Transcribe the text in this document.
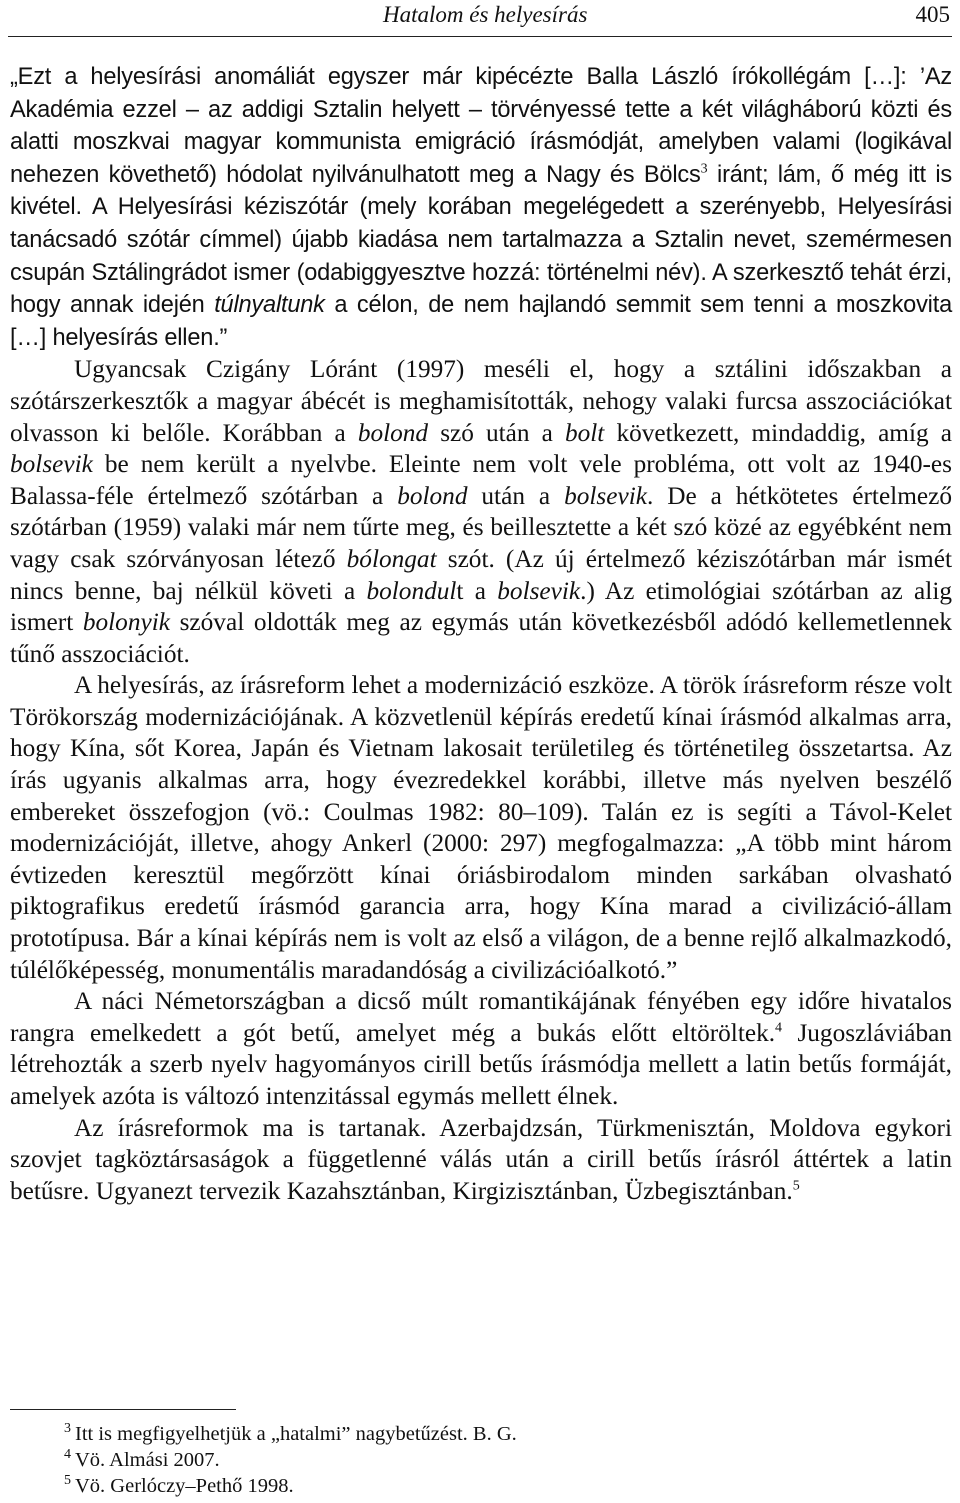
Hatalom és helyesírás	405

„Ezt a helyesírási anomáliát egyszer már kipécézte Balla László írókollégám […]: ’Az Akadémia ezzel – az addigi Sztalin helyett – törvényessé tette a két világháború közti és alatti moszkvai magyar kommunista emigráció írásmódját, amelyben valami (logikával nehezen követhető) hódolat nyilvánulhatott meg a Nagy és Bölcs$^3$ iránt; lám, ő még itt is kivétel. A Helyesírási kéziszótár (mely korában megelégedett a szerényebb, Helyesírási tanácsadó szótár címmel) újabb kiadása nem tartalmazza a Sztalin nevet, szemérmesen csupán Sztálingrádot ismer (odabiggyesztve hozzá: történelmi név). A szerkesztő tehát érzi, hogy annak idején túlnyaltunk a célon, de nem hajlandó semmit sem tenni a moszkovita […] helyesírás ellen.”

Ugyancsak Czigány Lóránt (1997) meséli el, hogy a sztálini időszakban a szótárszerkesztők a magyar ábécét is meghamisították, nehogy valaki furcsa asszociációkat olvasson ki belőle. Korábban a bolond szó után a bolt következett, mindaddig, amíg a bolsevik be nem került a nyelvbe. Eleinte nem volt vele probléma, ott volt az 1940-es Balassa-féle értelmező szótárban a bolond után a bolsevik. De a hétkötetes értelmező szótárban (1959) valaki már nem tűrte meg, és beillesztette a két szó közé az egyébként nem vagy csak szórványosan létező bólongat szót. (Az új értelmező kéziszótárban már ismét nincs benne, baj nélkül követi a bolondult a bolsevik.) Az etimológiai szótárban az alig ismert bolonyik szóval oldották meg az egymás után következésből adódó kellemetlennek tűnő asszociációt.

A helyesírás, az írásreform lehet a modernizáció eszköze. A török írásreform része volt Törökország modernizációjának. A közvetlenül képírás eredetű kínai írásmód alkalmas arra, hogy Kína, sőt Korea, Japán és Vietnam lakosait területileg és történetileg összetartsa. Az írás ugyanis alkalmas arra, hogy évezredekkel korábbi, illetve más nyelven beszélő embereket összefogjon (vö.: Coulmas 1982: 80–109). Talán ez is segíti a Távol-Kelet modernizációját, illetve, ahogy Ankerl (2000: 297) megfogalmazza: „A több mint három évtizeden keresztül megőrzött kínai óriásbirodalom minden sarkában olvasható piktografikus eredetű írásmód garancia arra, hogy Kína marad a civilizáció-állam prototípusa. Bár a kínai képírás nem is volt az első a világon, de a benne rejlő alkalmazkodó, túlélőképesség, monumentális maradandóság a civilizációalkotó.”

A náci Németországban a dicső múlt romantikájának fényében egy időre hivatalos rangra emelkedett a gót betű, amelyet még a bukás előtt eltöröltek.$^4$ Jugoszláviában létrehozták a szerb nyelv hagyományos cirill betűs írásmódja mellett a latin betűs formáját, amelyek azóta is változó intenzitással egymás mellett élnek.

Az írásreformok ma is tartanak. Azerbajdzsán, Türkmenisztán, Moldova egykori szovjet tagköztársaságok a függetlenné válás után a cirill betűs írásról áttértek a latin betűsre. Ugyanezt tervezik Kazahsztánban, Kirgizisztánban, Üzbegisztánban.$^5$

$^3$ Itt is megfigyelhetjük a „hatalmi” nagybetűzést. B. G.

$^4$ Vö. Almási 2007.

$^5$ Vö. Gerlóczy–Pethő 1998.
